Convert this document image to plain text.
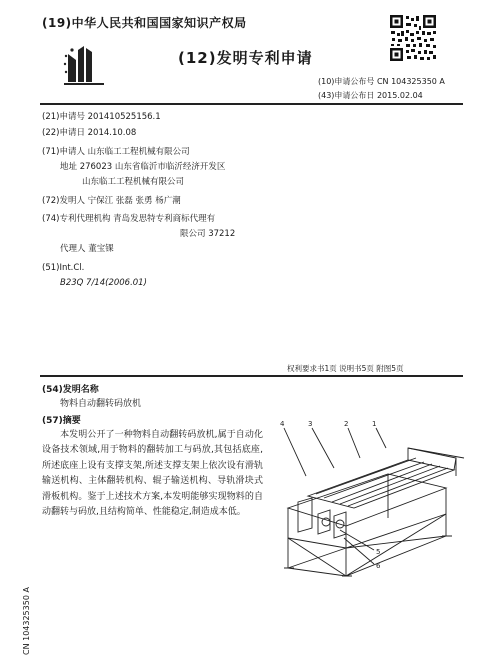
(19)中华人民共和国国家知识产权局
(12)发明专利申请
(10)申请公布号 CN 104325350 A
(43)申请公布日 2015.02.04
(21)申请号 201410525156.1
(22)申请日 2014.10.08
(71)申请人 山东临工工程机械有限公司
地址 276023 山东省临沂市临沂经济开发区
山东临工工程机械有限公司
(72)发明人 宁保江 张磊 张勇 杨广潮
(74)专利代理机构 青岛发思特专利商标代理有
限公司 37212
代理人 董宝锞
(51)Int.Cl.
B23Q 7/14(2006.01)
权利要求书1页 说明书5页 附图5页
(54)发明名称
物料自动翻转码放机
(57)摘要
本发明公开了一种物料自动翻转码放机,属于自动化设备技术领域,用于物料的翻转加工与码放,其包括底座,所述底座上设有支撑支架,所述支撑支架上依次设有滑轨输送机构、主体翻转机构、辊子输送机构、导轨滑块式滑板机构。鉴于上述技术方案,本发明能够实现物料的自动翻转与码放,且结构简单、性能稳定,制造成本低。
4	3	2	1
5
6
CN 104325350 A
